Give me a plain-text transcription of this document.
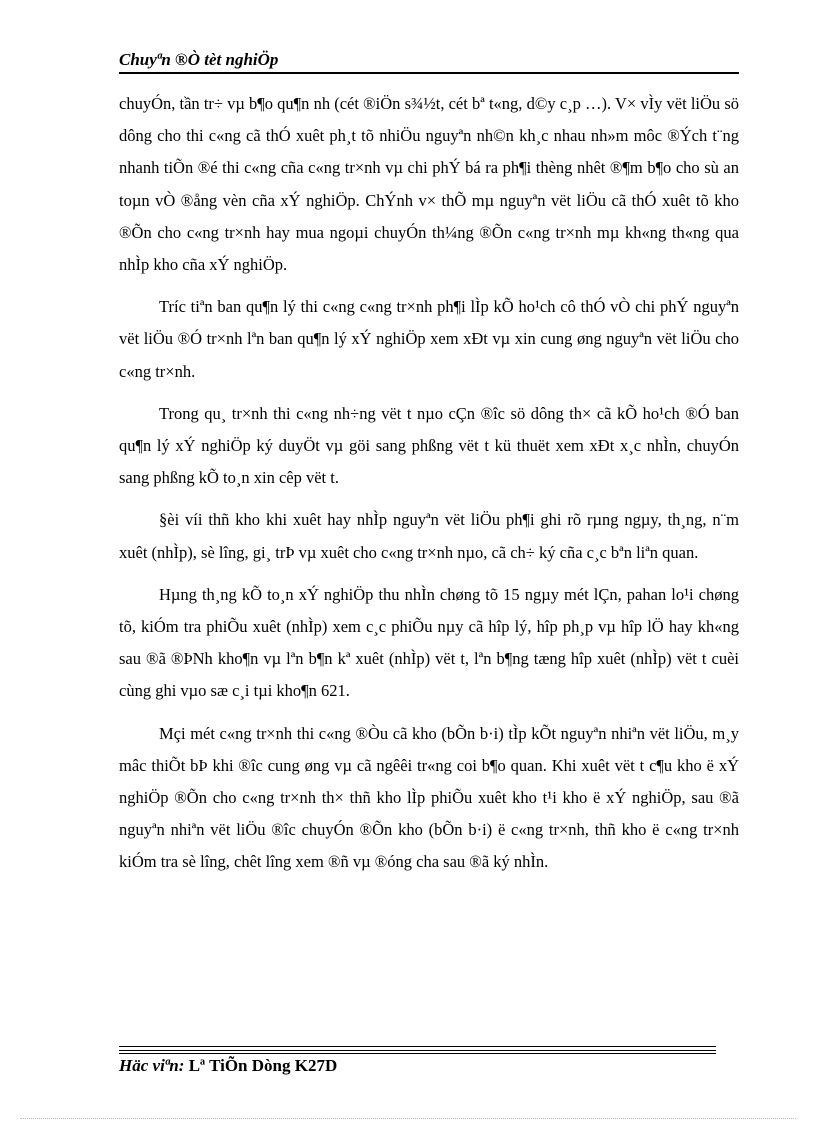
Chuyªn ®Ò tèt nghiÖp

chuyÓn, tần tr÷ vµ b¶o qu¶n nh (cét ®iÖn s¾½t, cét bª t«ng, d©y c¸p …). V× vÌy vët liÖu sö dông cho thi c«ng cã thÓ xuêt ph¸t tõ nhiÖu nguyªn nh©n kh¸c nhau nh»m môc ®Ých t¨ng nhanh tiÕn ®é thi c«ng cña c«ng tr×nh vµ chi phÝ bá ra ph¶i thèng nhêt ®¶m b¶o cho sù an toµn vÒ ®ång vèn cña xÝ nghiÖp. ChÝnh v× thÕ mµ nguyªn vët liÖu cã thÓ xuêt tõ kho ®Õn cho c«ng tr×nh hay mua ngoµi chuyÓn th¼ng ®Õn c«ng tr×nh mµ kh«ng th«ng qua nhÌp kho cña xÝ nghiÖp.

Tríc tiªn ban qu¶n lý thi c«ng c«ng tr×nh ph¶i lÌp kÕ ho¹ch cô thÓ vÒ chi phÝ nguyªn vët liÖu ®Ó tr×nh lªn ban qu¶n lý xÝ nghiÖp xem xÐt vµ xin cung øng nguyªn vët liÖu cho c«ng tr×nh.

Trong qu¸ tr×nh thi c«ng nh÷ng vët t nµo cÇn ®îc sö dông th× cã kÕ ho¹ch ®Ó ban qu¶n lý xÝ nghiÖp ký duyÖt vµ göi sang phßng vët t kü thuët xem xÐt x¸c nhÌn, chuyÓn sang phßng kÕ to¸n xin cêp vët t.

§èi víi thñ kho khi xuêt hay nhÌp nguyªn vët liÖu ph¶i ghi rõ rµng ngµy, th¸ng, n¨m xuêt (nhÌp), sè lîng, gi¸ trÞ vµ xuêt cho c«ng tr×nh nµo, cã ch÷ ký cña c¸c bªn liªn quan.

Hµng th¸ng kÕ to¸n xÝ nghiÖp thu nhÌn chøng tõ 15 ngµy mét lÇn, pahan lo¹i chøng tõ, kiÓm tra phiÕu xuêt (nhÌp) xem c¸c phiÕu nµy cã hîp lý, hîp ph¸p vµ hîp lÖ hay kh«ng sau ®ã ®ÞNh kho¶n vµ lªn b¶n kª xuêt (nhÌp) vët t, lªn b¶ng tæng hîp xuêt (nhÌp) vët t cuèi cùng ghi vµo sæ c¸i tµi kho¶n 621.

Mçi mét c«ng tr×nh thi c«ng ®Òu cã kho (bÕn b·i) tÌp kÕt nguyªn nhiªn vët liÖu, m¸y mâc thiÕt bÞ khi ®îc cung øng vµ cã ngêêi tr«ng coi b¶o quan. Khi xuêt vët t c¶u kho ë xÝ nghiÖp ®Õn cho c«ng tr×nh th× thñ kho lÌp phiÕu xuêt kho t¹i kho ë xÝ nghiÖp, sau ®ã nguyªn nhiªn vët liÖu ®îc chuyÓn ®Õn kho (bÕn b·i) ë c«ng tr×nh, thñ kho ë c«ng tr×nh kiÓm tra sè lîng, chêt lîng xem ®ñ vµ ®óng cha sau ®ã ký nhÌn.

Häc viªn: Lª TiÕn Dòng K27D
